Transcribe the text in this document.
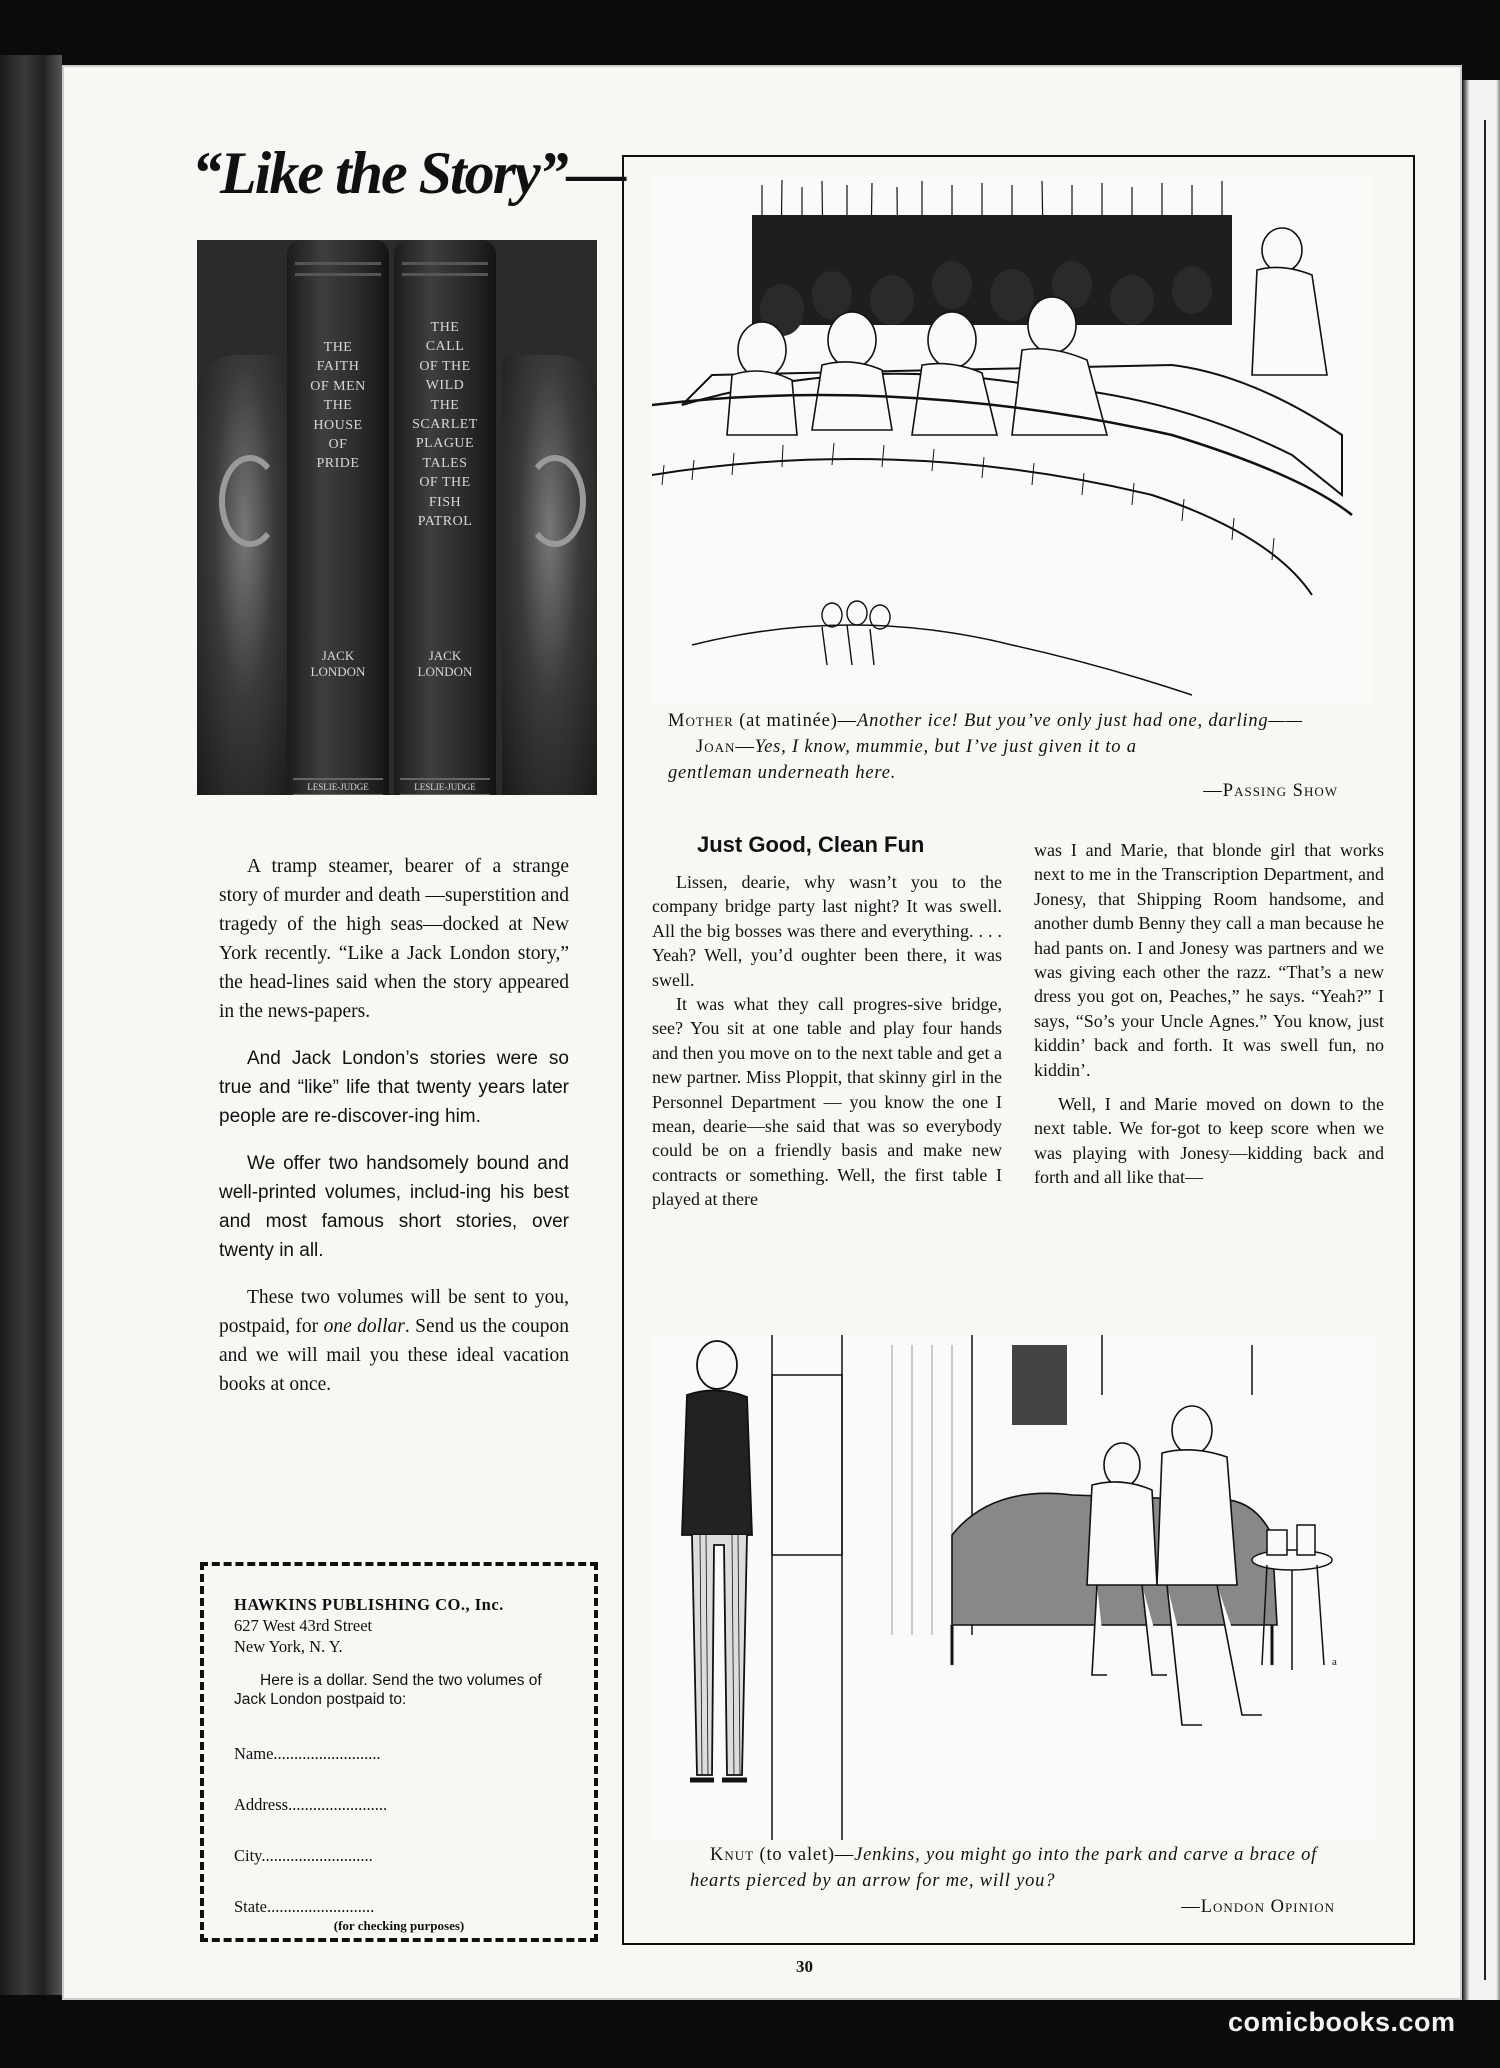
“Like the Story”—
THE
FAITH
OF MEN
THE
HOUSE
OF
PRIDE
JACK
LONDON
LESLIE-JUDGE
THE
CALL
OF THE
WILD
THE
SCARLET
PLAGUE
TALES
OF THE
FISH
PATROL
JACK
LONDON
LESLIE-JUDGE

A tramp steamer, bearer of a strange story of murder and death —superstition and tragedy of the high seas—docked at New York recently. “Like a Jack London story,” the head-lines said when the story appeared in the news-papers.

And Jack London’s stories were so true and “like” life that twenty years later people are re-discover-ing him.

We offer two handsomely bound and well-printed volumes, includ-ing his best and most famous short stories, over twenty in all.

These two volumes will be sent to you, postpaid, for one dollar. Send us the coupon and we will mail you these ideal vacation books at once.

HAWKINS PUBLISHING CO., Inc.
627 West 43rd Street
New York, N. Y.
Here is a dollar. Send the two volumes of Jack London postpaid to:
Name..........................
Address........................
City...........................
State..........................
(for checking purposes)
Mother (at matinée)—Another ice! But you’ve only just had one, darling——
Joan—Yes, I know, mummie, but I’ve just given it to a gentleman underneath here.
—Passing Show
Just Good, Clean Fun

Lissen, dearie, why wasn’t you to the company bridge party last night? It was swell. All the big bosses was there and everything. . . . Yeah? Well, you’d oughter been there, it was swell.

It was what they call progres-sive bridge, see? You sit at one table and play four hands and then you move on to the next table and get a new partner. Miss Ploppit, that skinny girl in the Personnel Department — you know the one I mean, dearie—she said that was so everybody could be on a friendly basis and make new contracts or something. Well, the first table I played at there

was I and Marie, that blonde girl that works next to me in the Transcription Department, and Jonesy, that Shipping Room handsome, and another dumb Benny they call a man because he had pants on. I and Jonesy was partners and we was giving each other the razz. “That’s a new dress you got on, Peaches,” he says. “Yeah?” I says, “So’s your Uncle Agnes.” You know, just kiddin’ back and forth. It was swell fun, no kiddin’.

Well, I and Marie moved on down to the next table. We for-got to keep score when we was playing with Jonesy—kidding back and forth and all like that—

a
Knut (to valet)—Jenkins, you might go into the park and carve a brace of hearts pierced by an arrow for me, will you?
—London Opinion
30
comicbooks.com
